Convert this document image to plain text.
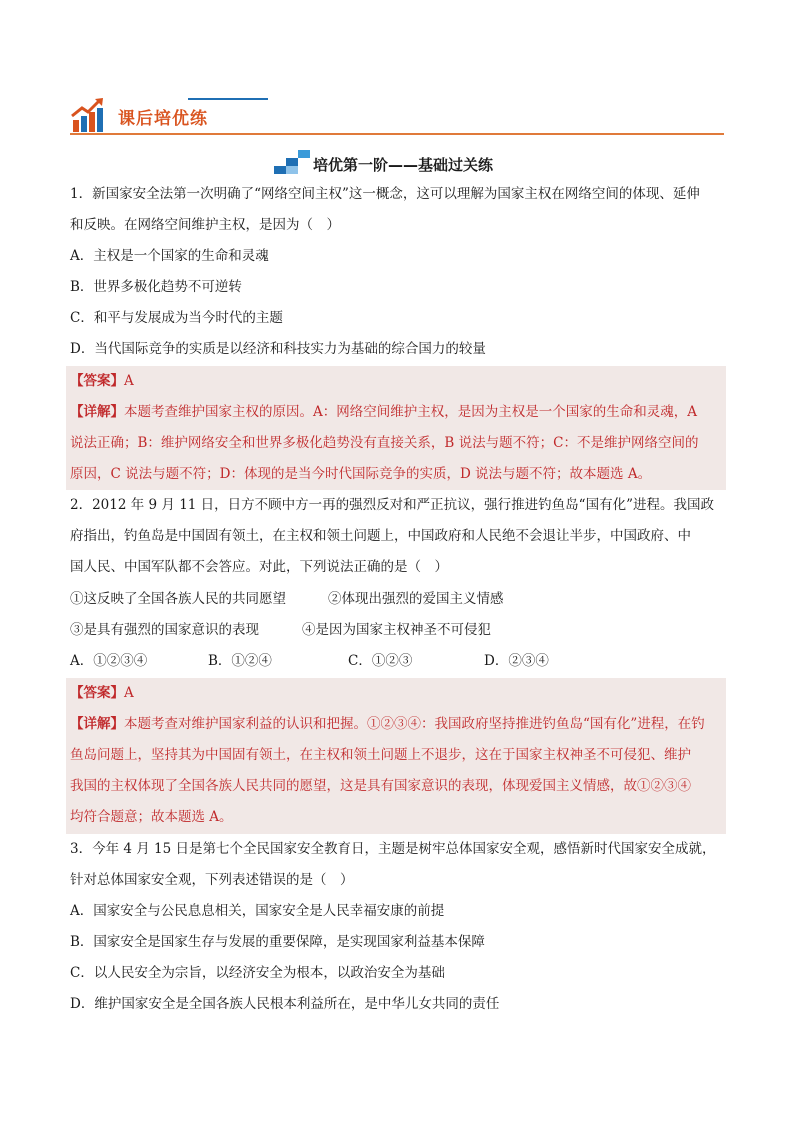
课后培优练
培优第一阶——基础过关练
1．新国家安全法第一次明确了“网络空间主权”这一概念，这可以理解为国家主权在网络空间的体现、延伸
和反映。在网络空间维护主权，是因为（　）
A．主权是一个国家的生命和灵魂
B．世界多极化趋势不可逆转
C．和平与发展成为当今时代的主题
D．当代国际竞争的实质是以经济和科技实力为基础的综合国力的较量
【答案】A
【详解】本题考查维护国家主权的原因。A：网络空间维护主权，是因为主权是一个国家的生命和灵魂，A
说法正确；B：维护网络安全和世界多极化趋势没有直接关系，B 说法与题不符；C：不是维护网络空间的
原因，C 说法与题不符；D：体现的是当今时代国际竞争的实质，D 说法与题不符；故本题选 A。
2．2012 年 9 月 11 日，日方不顾中方一再的强烈反对和严正抗议，强行推进钓鱼岛“国有化”进程。我国政
府指出，钓鱼岛是中国固有领土，在主权和领土问题上，中国政府和人民绝不会退让半步，中国政府、中
国人民、中国军队都不会答应。对此，下列说法正确的是（　）
①这反映了全国各族人民的共同愿望	②体现出强烈的爱国主义情感
③是具有强烈的国家意识的表现	④是因为国家主权神圣不可侵犯
A．①②③④	B．①②④	C．①②③	D．②③④
【答案】A
【详解】本题考查对维护国家利益的认识和把握。①②③④：我国政府坚持推进钓鱼岛“国有化”进程，在钓
鱼岛问题上，坚持其为中国固有领土，在主权和领土问题上不退步，这在于国家主权神圣不可侵犯、维护
我国的主权体现了全国各族人民共同的愿望，这是具有国家意识的表现，体现爱国主义情感，故①②③④
均符合题意；故本题选 A。
3．今年 4 月 15 日是第七个全民国家安全教育日，主题是树牢总体国家安全观，感悟新时代国家安全成就，
针对总体国家安全观，下列表述错误的是（　）
A．国家安全与公民息息相关，国家安全是人民幸福安康的前提
B．国家安全是国家生存与发展的重要保障，是实现国家利益基本保障
C．以人民安全为宗旨，以经济安全为根本，以政治安全为基础
D．维护国家安全是全国各族人民根本利益所在，是中华儿女共同的责任
